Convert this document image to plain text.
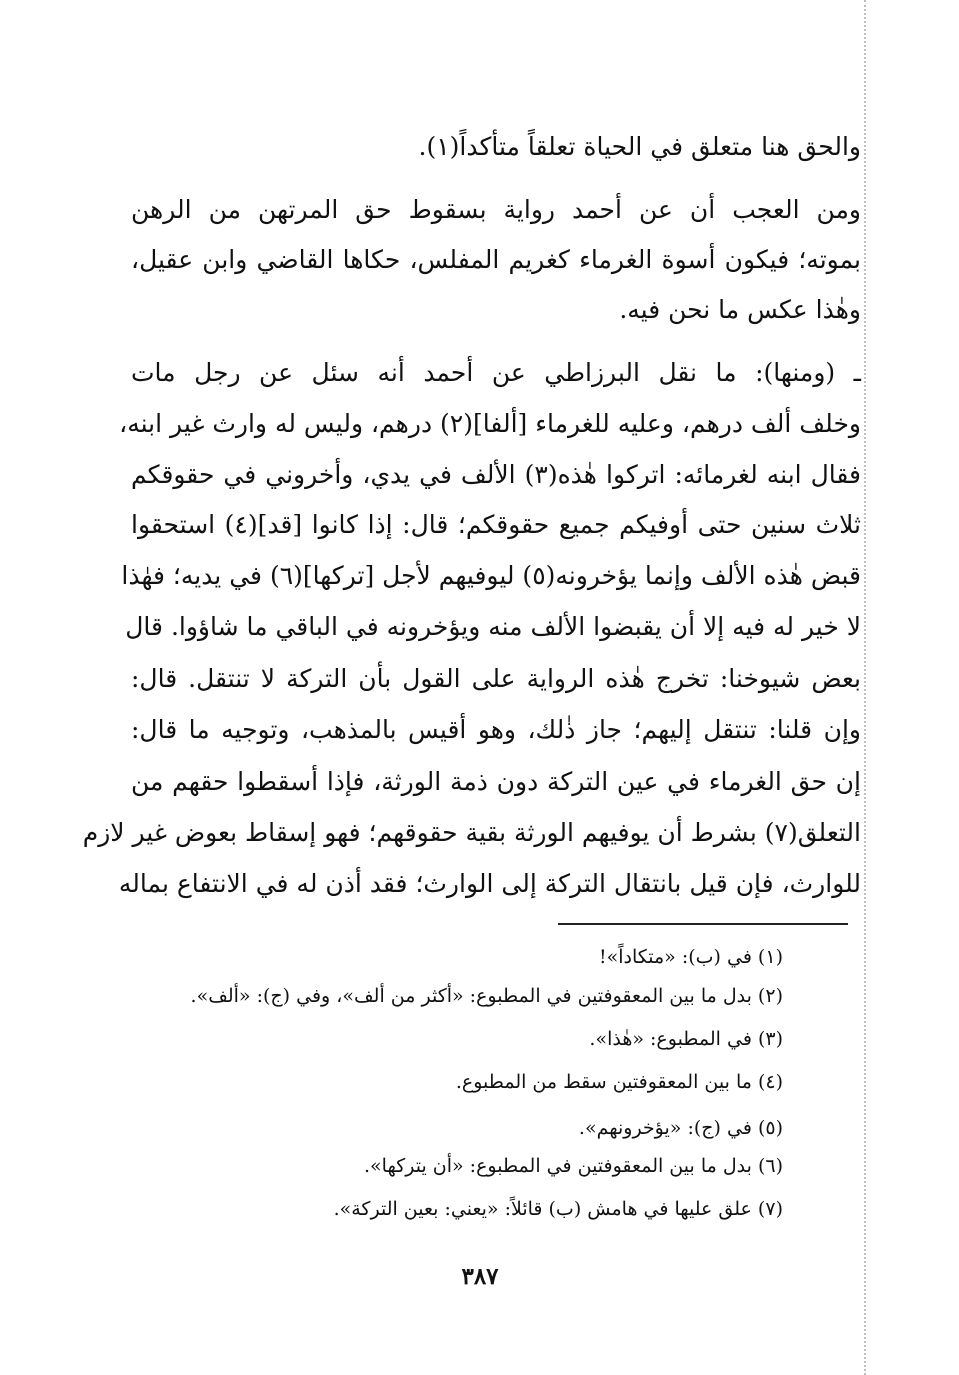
والحق هنا متعلق في الحياة تعلقاً متأكداً(١).
ومن العجب أن عن أحمد رواية بسقوط حق المرتهن من الرهن
بموته؛ فيكون أسوة الغرماء كغريم المفلس، حكاها القاضي وابن عقيل،
وهٰذا عكس ما نحن فيه.
ـ (ومنها): ما نقل البرزاطي عن أحمد أنه سئل عن رجل مات
وخلف ألف درهم، وعليه للغرماء [ألفا](٢) درهم، وليس له وارث غير ابنه،
فقال ابنه لغرمائه: اتركوا هٰذه(٣) الألف في يدي، وأخروني في حقوقكم
ثلاث سنين حتى أوفيكم جميع حقوقكم؛ قال: إذا كانوا [قد](٤) استحقوا
قبض هٰذه الألف وإنما يؤخرونه(٥) ليوفيهم لأجل [تركها](٦) في يديه؛ فهٰذا
لا خير له فيه إلا أن يقبضوا الألف منه ويؤخرونه في الباقي ما شاؤوا. قال
بعض شيوخنا: تخرج هٰذه الرواية على القول بأن التركة لا تنتقل. قال:
وإن قلنا: تنتقل إليهم؛ جاز ذٰلك، وهو أقيس بالمذهب، وتوجيه ما قال:
إن حق الغرماء في عين التركة دون ذمة الورثة، فإذا أسقطوا حقهم من
التعلق(٧) بشرط أن يوفيهم الورثة بقية حقوقهم؛ فهو إسقاط بعوض غير لازم
للوارث، فإن قيل بانتقال التركة إلى الوارث؛ فقد أذن له في الانتفاع بماله
(١) في (ب): «متكاداً»!
(٢) بدل ما بين المعقوفتين في المطبوع: «أكثر من ألف»، وفي (ج): «ألف».
(٣) في المطبوع: «هٰذا».
(٤) ما بين المعقوفتين سقط من المطبوع.
(٥) في (ج): «يؤخرونهم».
(٦) بدل ما بين المعقوفتين في المطبوع: «أن يتركها».
(٧) علق عليها في هامش (ب) قائلاً: «يعني: بعين التركة».
٣٨٧
